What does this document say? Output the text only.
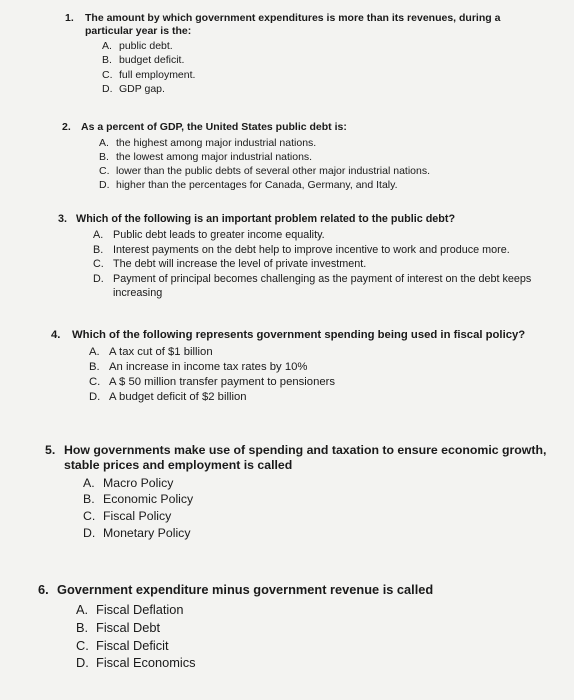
1.	The amount by which government expenditures is more than its revenues, during a particular year is the:
A. public debt.
B. budget deficit.
C. full employment.
D. GDP gap.
2. As a percent of GDP, the United States public debt is:
A. the highest among major industrial nations.
B. the lowest among major industrial nations.
C. lower than the public debts of several other major industrial nations.
D. higher than the percentages for Canada, Germany, and Italy.
3. Which of the following is an important problem related to the public debt?
A. Public debt leads to greater income equality.
B. Interest payments on the debt help to improve incentive to work and produce more.
C. The debt will increase the level of private investment.
D. Payment of principal becomes challenging as the payment of interest on the debt keeps increasing
4.	Which of the following represents government spending being used in fiscal policy?
A. A tax cut of $1 billion
B. An increase in income tax rates by 10%
C. A $ 50 million transfer payment to pensioners
D. A budget deficit of $2 billion
5. How governments make use of spending and taxation to ensure economic growth, stable prices and employment is called
A. Macro Policy
B. Economic Policy
C. Fiscal Policy
D. Monetary Policy
6. Government expenditure minus government revenue is called
A. Fiscal Deflation
B. Fiscal Debt
C. Fiscal Deficit
D. Fiscal Economics
